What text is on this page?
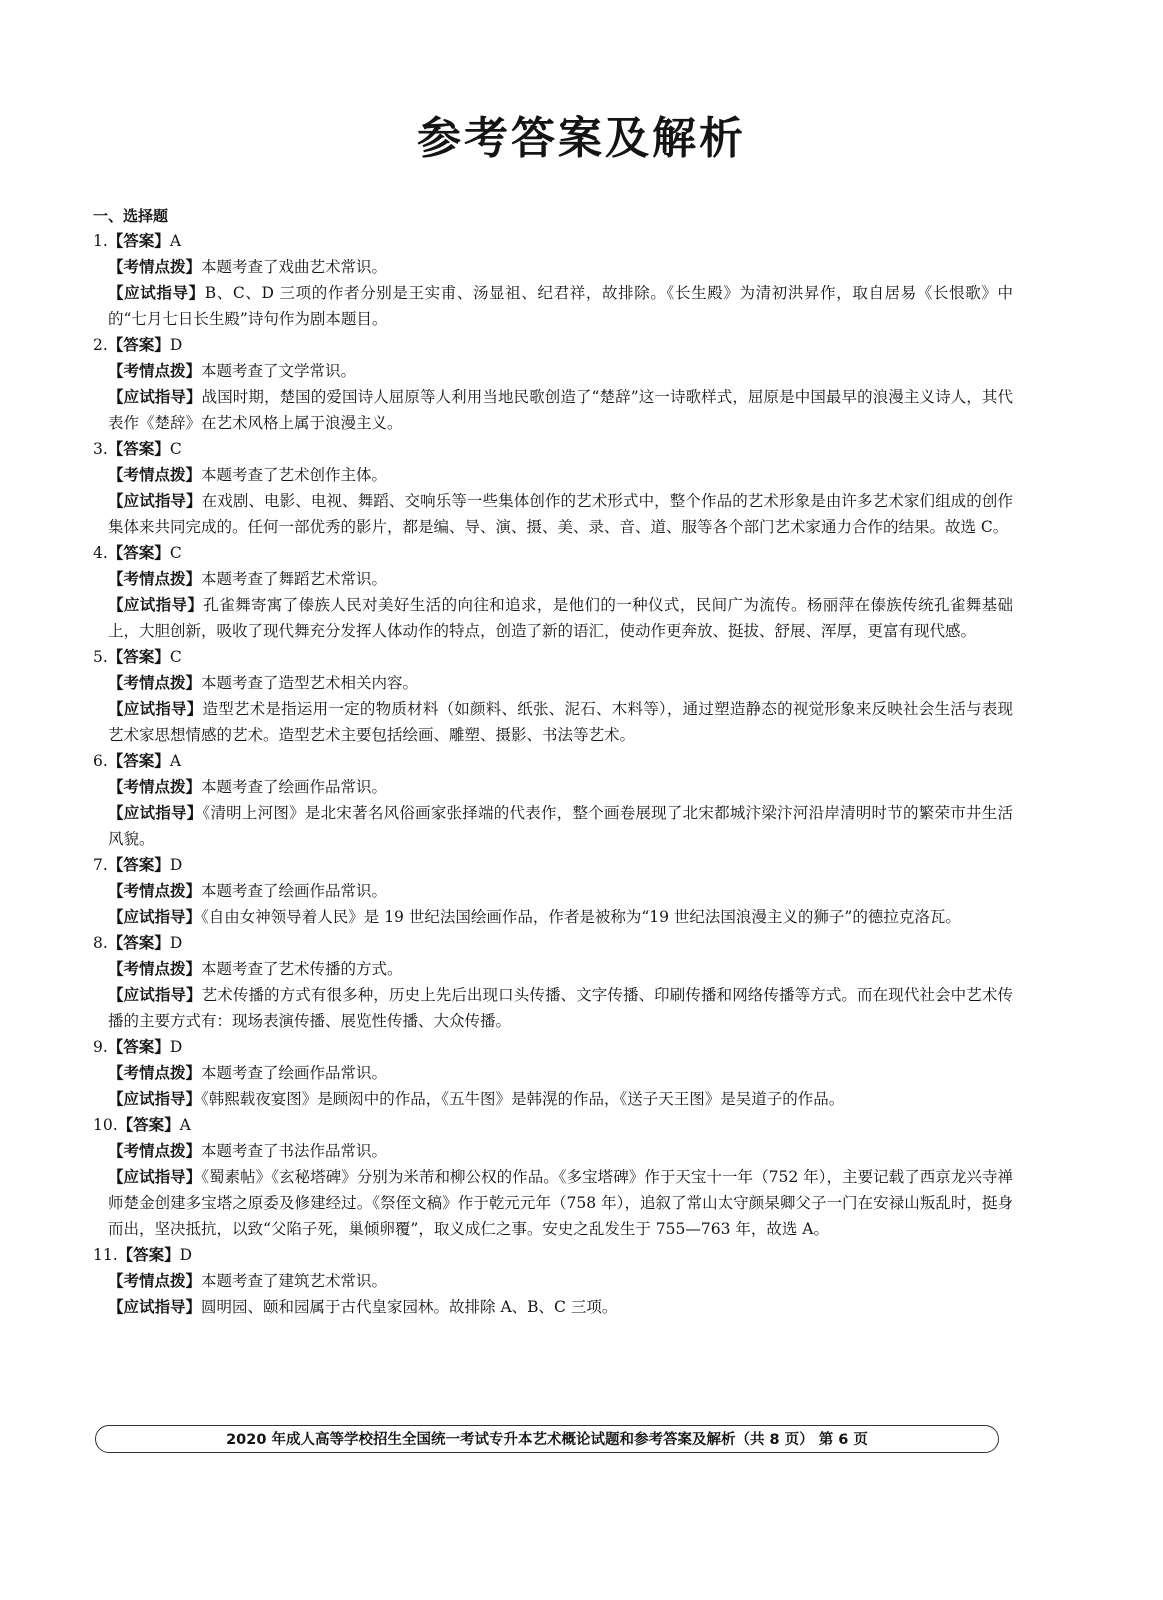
参考答案及解析
一、选择题
1.【答案】A
【考情点拨】本题考查了戏曲艺术常识。
【应试指导】B、C、D 三项的作者分别是王实甫、汤显祖、纪君祥，故排除。《长生殿》为清初洪昇作，取自居易《长恨歌》中的“七月七日长生殿”诗句作为剧本题目。
2.【答案】D
【考情点拨】本题考查了文学常识。
【应试指导】战国时期，楚国的爱国诗人屈原等人利用当地民歌创造了“楚辞”这一诗歌样式，屈原是中国最早的浪漫主义诗人，其代表作《楚辞》在艺术风格上属于浪漫主义。
3.【答案】C
【考情点拨】本题考查了艺术创作主体。
【应试指导】在戏剧、电影、电视、舞蹈、交响乐等一些集体创作的艺术形式中，整个作品的艺术形象是由许多艺术家们组成的创作集体来共同完成的。任何一部优秀的影片，都是编、导、演、摄、美、录、音、道、服等各个部门艺术家通力合作的结果。故选 C。
4.【答案】C
【考情点拨】本题考查了舞蹈艺术常识。
【应试指导】孔雀舞寄寓了傣族人民对美好生活的向往和追求，是他们的一种仪式，民间广为流传。杨丽萍在傣族传统孔雀舞基础上，大胆创新，吸收了现代舞充分发挥人体动作的特点，创造了新的语汇，使动作更奔放、挺拔、舒展、浑厚，更富有现代感。
5.【答案】C
【考情点拨】本题考查了造型艺术相关内容。
【应试指导】造型艺术是指运用一定的物质材料（如颜料、纸张、泥石、木料等），通过塑造静态的视觉形象来反映社会生活与表现艺术家思想情感的艺术。造型艺术主要包括绘画、雕塑、摄影、书法等艺术。
6.【答案】A
【考情点拨】本题考查了绘画作品常识。
【应试指导】《清明上河图》是北宋著名风俗画家张择端的代表作，整个画卷展现了北宋都城汴梁汴河沿岸清明时节的繁荣市井生活风貌。
7.【答案】D
【考情点拨】本题考查了绘画作品常识。
【应试指导】《自由女神领导着人民》是 19 世纪法国绘画作品，作者是被称为“19 世纪法国浪漫主义的狮子”的德拉克洛瓦。
8.【答案】D
【考情点拨】本题考查了艺术传播的方式。
【应试指导】艺术传播的方式有很多种，历史上先后出现口头传播、文字传播、印刷传播和网络传播等方式。而在现代社会中艺术传播的主要方式有：现场表演传播、展览性传播、大众传播。
9.【答案】D
【考情点拨】本题考查了绘画作品常识。
【应试指导】《韩熙载夜宴图》是顾闳中的作品，《五牛图》是韩滉的作品，《送子天王图》是吴道子的作品。
10.【答案】A
【考情点拨】本题考查了书法作品常识。
【应试指导】《蜀素帖》《玄秘塔碑》分别为米芾和柳公权的作品。《多宝塔碑》作于天宝十一年（752 年），主要记载了西京龙兴寺禅师楚金创建多宝塔之原委及修建经过。《祭侄文稿》作于乾元元年（758 年），追叙了常山太守颜杲卿父子一门在安禄山叛乱时，挺身而出，坚决抵抗，以致“父陷子死，巢倾卵覆”，取义成仁之事。安史之乱发生于 755—763 年，故选 A。
11.【答案】D
【考情点拨】本题考查了建筑艺术常识。
【应试指导】圆明园、颐和园属于古代皇家园林。故排除 A、B、C 三项。
2020 年成人高等学校招生全国统一考试专升本艺术概论试题和参考答案及解析（共 8 页） 第 6 页
